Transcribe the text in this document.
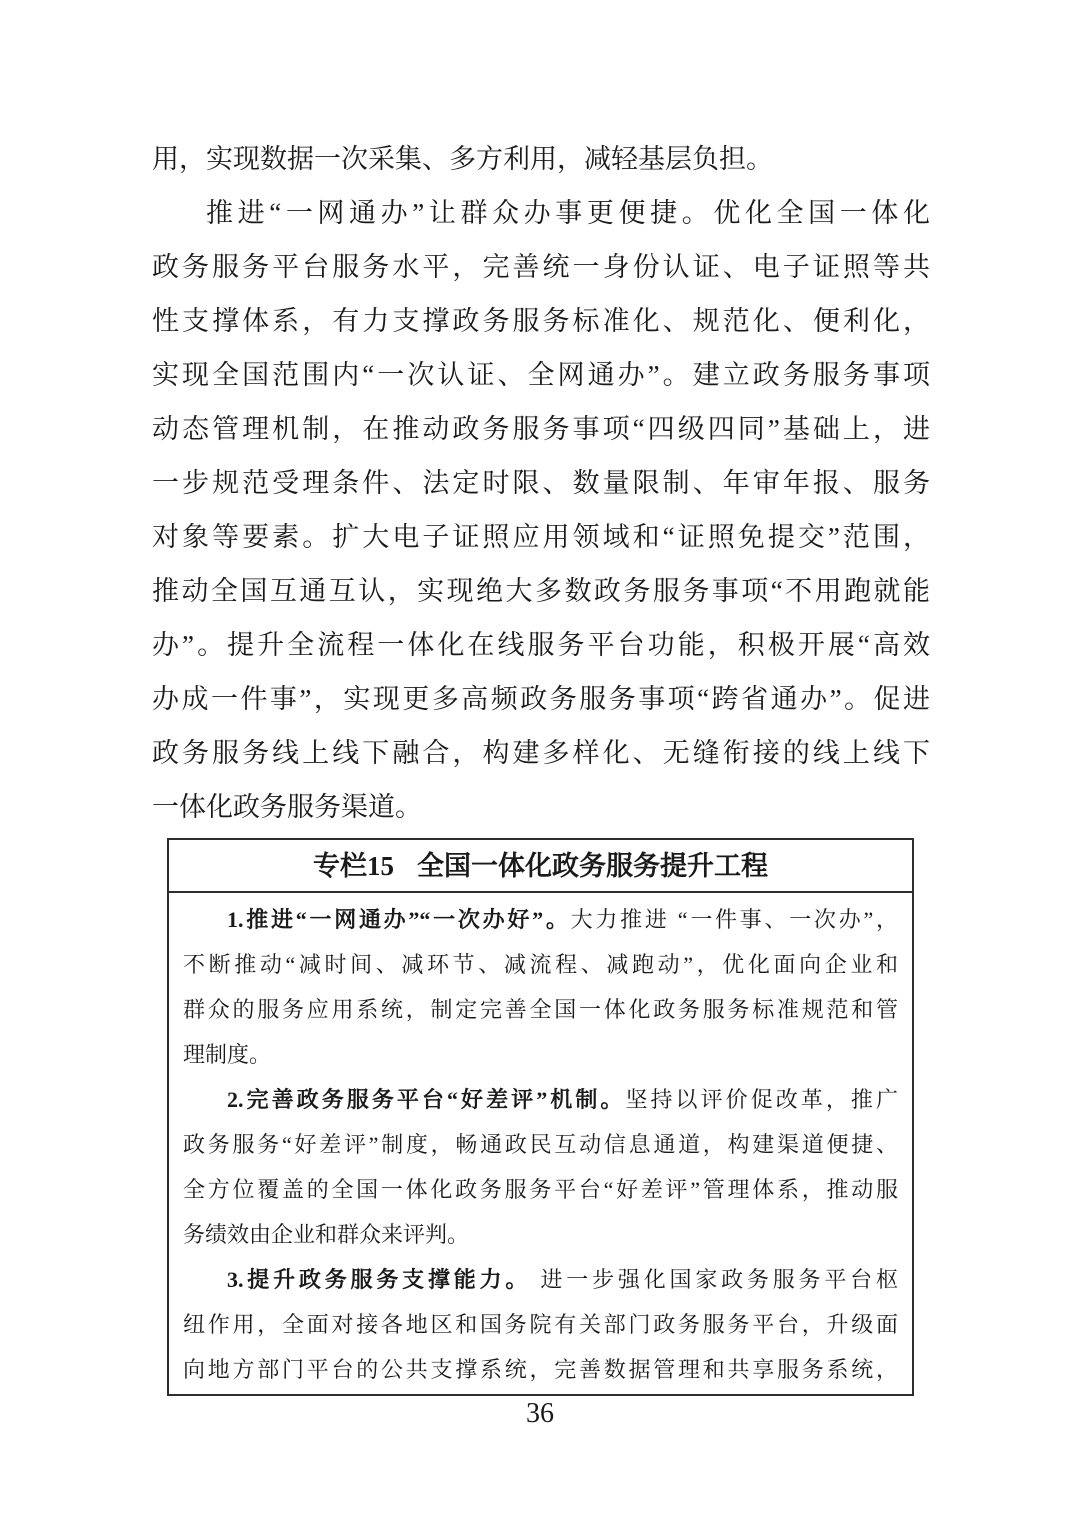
用，实现数据一次采集、多方利用，减轻基层负担。
推进“一网通办”让群众办事更便捷。优化全国一体化
政务服务平台服务水平，完善统一身份认证、电子证照等共
性支撑体系，有力支撑政务服务标准化、规范化、便利化，
实现全国范围内“一次认证、全网通办”。建立政务服务事项
动态管理机制，在推动政务服务事项“四级四同”基础上，进
一步规范受理条件、法定时限、数量限制、年审年报、服务
对象等要素。扩大电子证照应用领域和“证照免提交”范围，
推动全国互通互认，实现绝大多数政务服务事项“不用跑就能
办”。提升全流程一体化在线服务平台功能，积极开展“高效
办成一件事”，实现更多高频政务服务事项“跨省通办”。促进
政务服务线上线下融合，构建多样化、无缝衔接的线上线下
一体化政务服务渠道。
专栏15 全国一体化政务服务提升工程
1.推进“一网通办”“一次办好”。大力推进 “一件事、一次办”，
不断推动“减时间、减环节、减流程、减跑动”，优化面向企业和
群众的服务应用系统，制定完善全国一体化政务服务标准规范和管
理制度。
2.完善政务服务平台“好差评”机制。坚持以评价促改革，推广
政务服务“好差评”制度，畅通政民互动信息通道，构建渠道便捷、
全方位覆盖的全国一体化政务服务平台“好差评”管理体系，推动服
务绩效由企业和群众来评判。
3.提升政务服务支撑能力。 进一步强化国家政务服务平台枢
纽作用，全面对接各地区和国务院有关部门政务服务平台，升级面
向地方部门平台的公共支撑系统，完善数据管理和共享服务系统，
36
